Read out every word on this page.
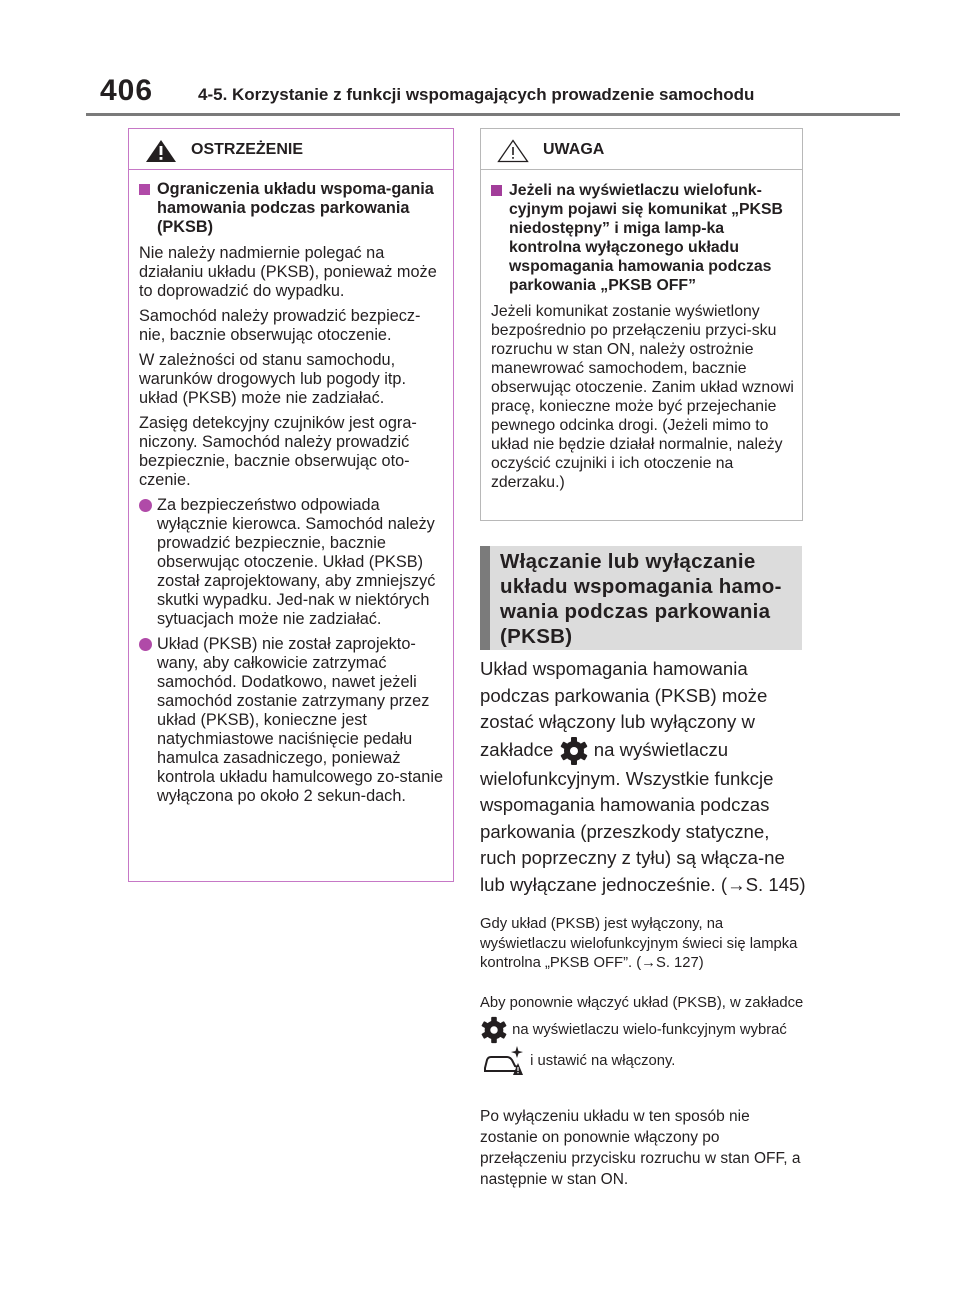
406	4-5. Korzystanie z funkcji wspomagających prowadzenie samochodu
OSTRZEŻENIE
Ograniczenia układu wspoma-gania hamowania podczas parkowania (PKSB)

Nie należy nadmiernie polegać na działaniu układu (PKSB), ponieważ może to doprowadzić do wypadku.

Samochód należy prowadzić bezpiecz-nie, bacznie obserwując otoczenie.

W zależności od stanu samochodu, warunków drogowych lub pogody itp. układ (PKSB) może nie zadziałać.

Zasięg detekcyjny czujników jest ogra-niczony. Samochód należy prowadzić bezpiecznie, bacznie obserwując oto-czenie.

Za bezpieczeństwo odpowiada wyłącznie kierowca. Samochód należy prowadzić bezpiecznie, bacznie obserwując otoczenie. Układ (PKSB) został zaprojektowany, aby zmniejszyć skutki wypadku. Jed-nak w niektórych sytuacjach może nie zadziałać.
Układ (PKSB) nie został zaprojekto-wany, aby całkowicie zatrzymać samochód. Dodatkowo, nawet jeżeli samochód zostanie zatrzymany przez układ (PKSB), konieczne jest natychmiastowe naciśnięcie pedału hamulca zasadniczego, ponieważ kontrola układu hamulcowego zo-stanie wyłączona po około 2 sekun-dach.
UWAGA
Jeżeli na wyświetlaczu wielofunk-cyjnym pojawi się komunikat „PKSB niedostępny” i miga lamp-ka kontrolna wyłączonego układu wspomagania hamowania podczas parkowania „PKSB OFF”

Jeżeli komunikat zostanie wyświetlony bezpośrednio po przełączeniu przyci-sku rozruchu w stan ON, należy ostrożnie manewrować samochodem, bacznie obserwując otoczenie. Zanim układ wznowi pracę, konieczne może być przejechanie pewnego odcinka drogi. (Jeżeli mimo to układ nie będzie działał normalnie, należy oczyścić czujniki i ich otoczenie na zderzaku.)

Włączanie lub wyłączanie układu wspomagania hamo-wania podczas parkowania (PKSB)
Układ wspomagania hamowania podczas parkowania (PKSB) może zostać włączony lub wyłączony w zakładce na wyświetlaczu wielofunkcyjnym. Wszystkie funkcje wspomagania hamowania podczas parkowania (przeszkody statyczne, ruch poprzeczny z tyłu) są włącza-ne lub wyłączane jednocześnie. (→S. 145)
Gdy układ (PKSB) jest wyłączony, na wyświetlaczu wielofunkcyjnym świeci się lampka kontrolna „PKSB OFF”. (→S. 127)
Aby ponownie włączyć układ (PKSB), w zakładce  na wyświetlaczu wielo-funkcyjnym wybrać  i ustawić na włączony.
Po wyłączeniu układu w ten sposób nie zostanie on ponownie włączony po przełączeniu przycisku rozruchu w stan OFF, a następnie w stan ON.
